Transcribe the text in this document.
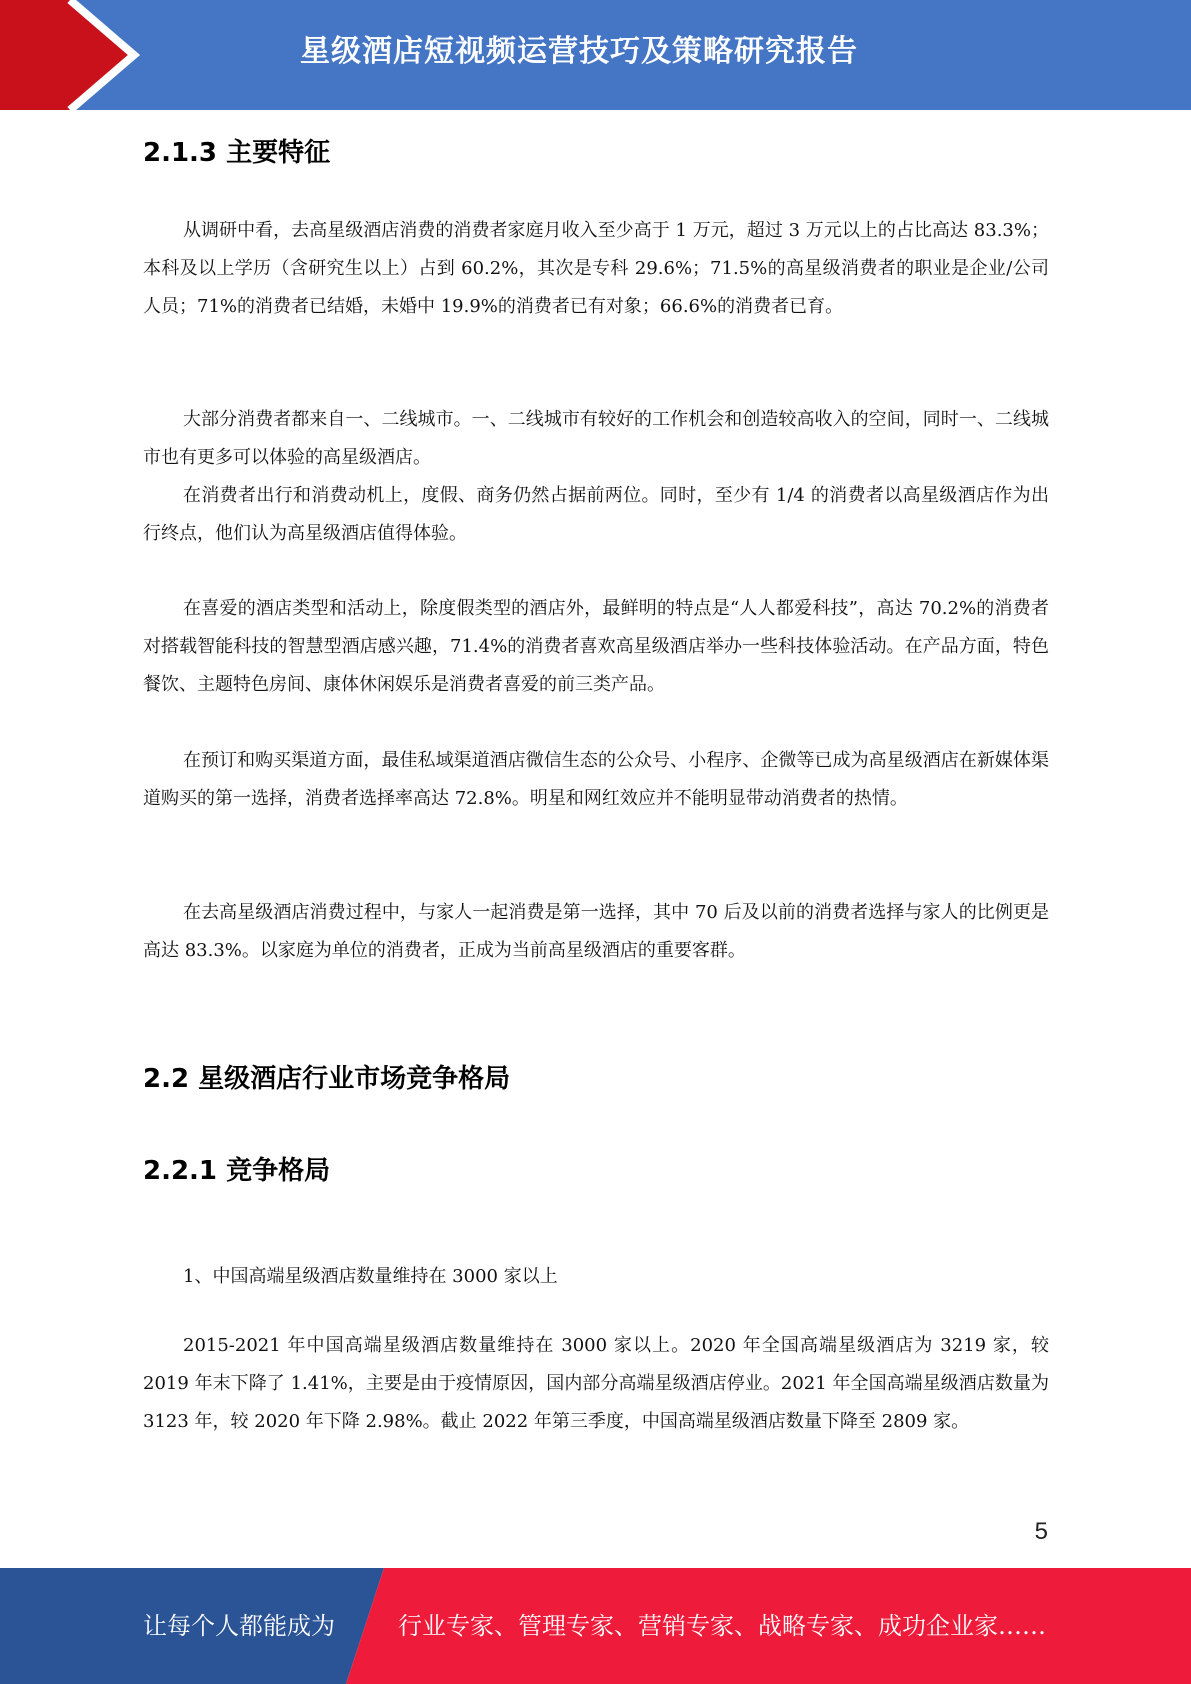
星级酒店短视频运营技巧及策略研究报告
2.1.3 主要特征

从调研中看，去高星级酒店消费的消费者家庭月收入至少高于 1 万元，超过 3 万元以上的占比高达 83.3%；本科及以上学历（含研究生以上）占到 60.2%，其次是专科 29.6%；71.5%的高星级消费者的职业是企业/公司人员；71%的消费者已结婚，未婚中 19.9%的消费者已有对象；66.6%的消费者已育。

大部分消费者都来自一、二线城市。一、二线城市有较好的工作机会和创造较高收入的空间，同时一、二线城市也有更多可以体验的高星级酒店。

在消费者出行和消费动机上，度假、商务仍然占据前两位。同时，至少有 1/4 的消费者以高星级酒店作为出行终点，他们认为高星级酒店值得体验。

在喜爱的酒店类型和活动上，除度假类型的酒店外，最鲜明的特点是“人人都爱科技”，高达 70.2%的消费者对搭载智能科技的智慧型酒店感兴趣，71.4%的消费者喜欢高星级酒店举办一些科技体验活动。在产品方面，特色餐饮、主题特色房间、康体休闲娱乐是消费者喜爱的前三类产品。

在预订和购买渠道方面，最佳私域渠道酒店微信生态的公众号、小程序、企微等已成为高星级酒店在新媒体渠道购买的第一选择，消费者选择率高达 72.8%。明星和网红效应并不能明显带动消费者的热情。

在去高星级酒店消费过程中，与家人一起消费是第一选择，其中 70 后及以前的消费者选择与家人的比例更是高达 83.3%。以家庭为单位的消费者，正成为当前高星级酒店的重要客群。

2.2 星级酒店行业市场竞争格局
2.2.1 竞争格局

1、中国高端星级酒店数量维持在 3000 家以上

2015-2021 年中国高端星级酒店数量维持在 3000 家以上。2020 年全国高端星级酒店为 3219 家，较 2019 年末下降了 1.41%，主要是由于疫情原因，国内部分高端星级酒店停业。2021 年全国高端星级酒店数量为 3123 年，较 2020 年下降 2.98%。截止 2022 年第三季度，中国高端星级酒店数量下降至 2809 家。

5
让每个人都能成为	行业专家、管理专家、营销专家、战略专家、成功企业家……
